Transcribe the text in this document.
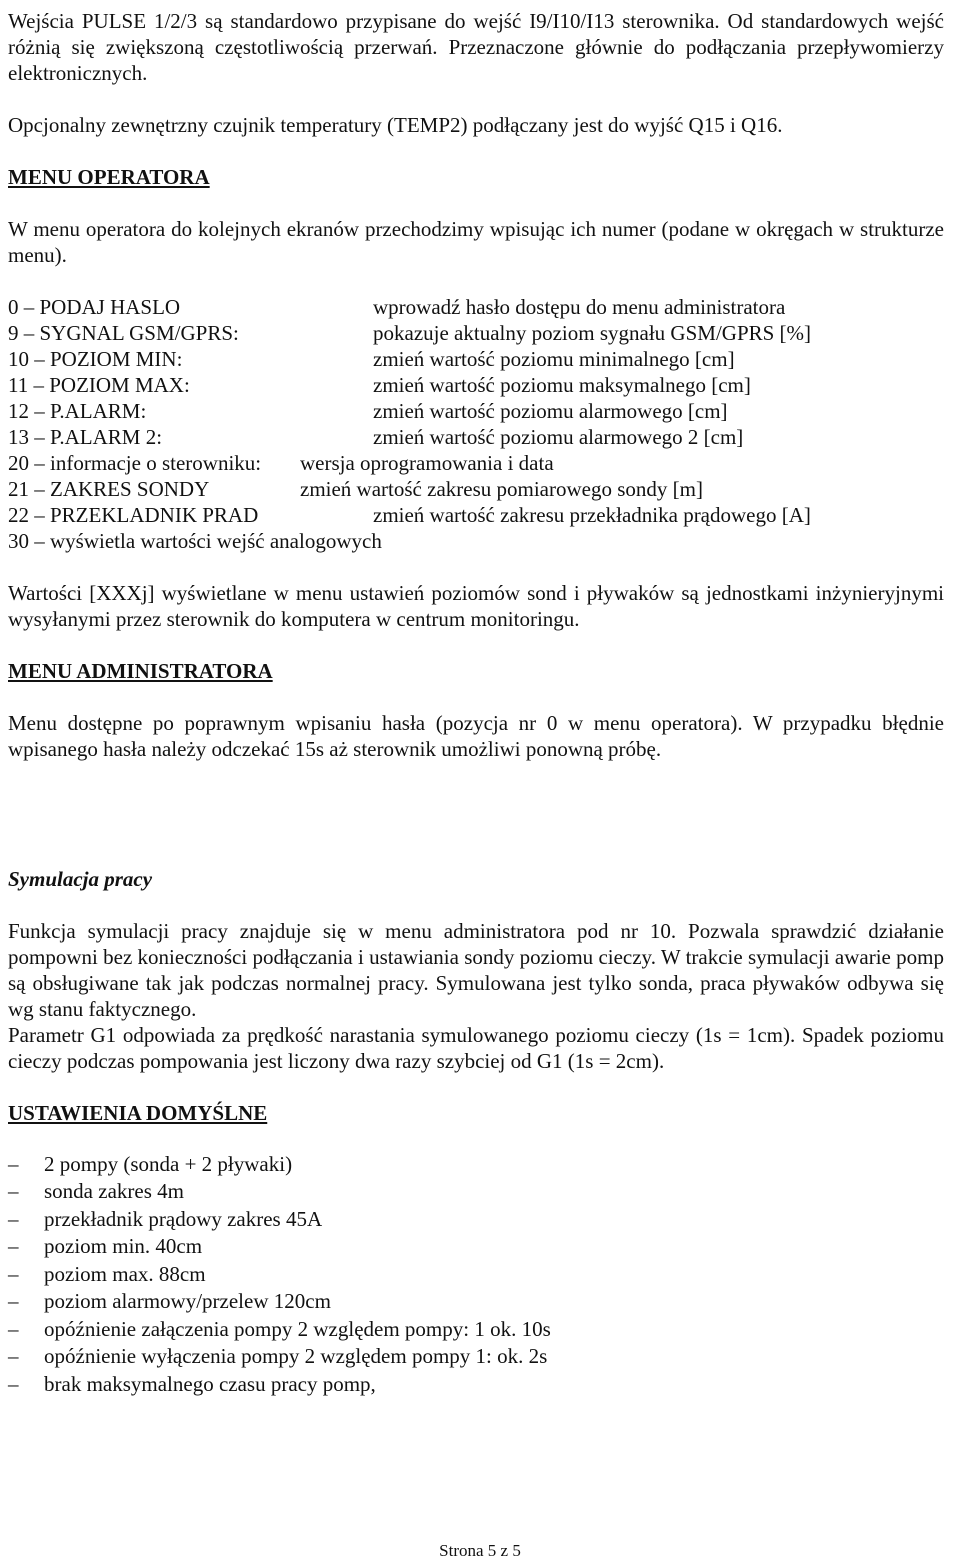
Wejścia PULSE 1/2/3 są standardowo przypisane do wejść I9/I10/I13 sterownika. Od standardowych wejść różnią się zwiększoną częstotliwością przerwań. Przeznaczone głównie do podłączania przepływomierzy elektronicznych.

Opcjonalny zewnętrzny czujnik temperatury (TEMP2) podłączany jest do wyjść Q15 i Q16.

MENU OPERATORA

W menu operatora do kolejnych ekranów przechodzimy wpisując ich numer (podane w okręgach w strukturze menu).

0 – PODAJ HASLO	wprowadź hasło dostępu do menu administratora
9 – SYGNAL GSM/GPRS:	pokazuje aktualny poziom sygnału GSM/GPRS [%]
10 – POZIOM MIN:	zmień wartość poziomu minimalnego [cm]
11 – POZIOM MAX:	zmień wartość poziomu maksymalnego [cm]
12 – P.ALARM:	zmień wartość poziomu alarmowego [cm]
13 – P.ALARM 2:	zmień wartość poziomu alarmowego 2 [cm]
20 – informacje o sterowniku:	wersja oprogramowania i data
21 – ZAKRES SONDY	zmień wartość zakresu pomiarowego sondy [m]
22 – PRZEKLADNIK PRAD	zmień wartość zakresu przekładnika prądowego [A]
30 – wyświetla wartości wejść analogowych

Wartości [XXXj] wyświetlane w menu ustawień poziomów sond i pływaków są jednostkami inżynieryjnymi wysyłanymi przez sterownik do komputera w centrum monitoringu.

MENU ADMINISTRATORA

Menu dostępne po poprawnym wpisaniu hasła (pozycja nr 0 w menu operatora). W przypadku błędnie wpisanego hasła należy odczekać 15s aż sterownik umożliwi ponowną próbę.

Symulacja pracy

Funkcja symulacji pracy znajduje się w menu administratora pod nr 10. Pozwala sprawdzić działanie pompowni bez konieczności podłączania i ustawiania sondy poziomu cieczy. W trakcie symulacji awarie pomp są obsługiwane tak jak podczas normalnej pracy. Symulowana jest tylko sonda, praca pływaków odbywa się wg stanu faktycznego.

Parametr G1 odpowiada za prędkość narastania symulowanego poziomu cieczy (1s = 1cm). Spadek poziomu cieczy podczas pompowania jest liczony dwa razy szybciej od G1 (1s = 2cm).

USTAWIENIA DOMYŚLNE
–	2 pompy (sonda + 2 pływaki)
–	sonda zakres 4m
–	przekładnik prądowy zakres 45A
–	poziom min. 40cm
–	poziom max. 88cm
–	poziom alarmowy/przelew 120cm
–	opóźnienie załączenia pompy 2 względem pompy: 1 ok. 10s
–	opóźnienie wyłączenia pompy 2 względem pompy 1: ok. 2s
–	brak maksymalnego czasu pracy pomp,
Strona 5 z 5
